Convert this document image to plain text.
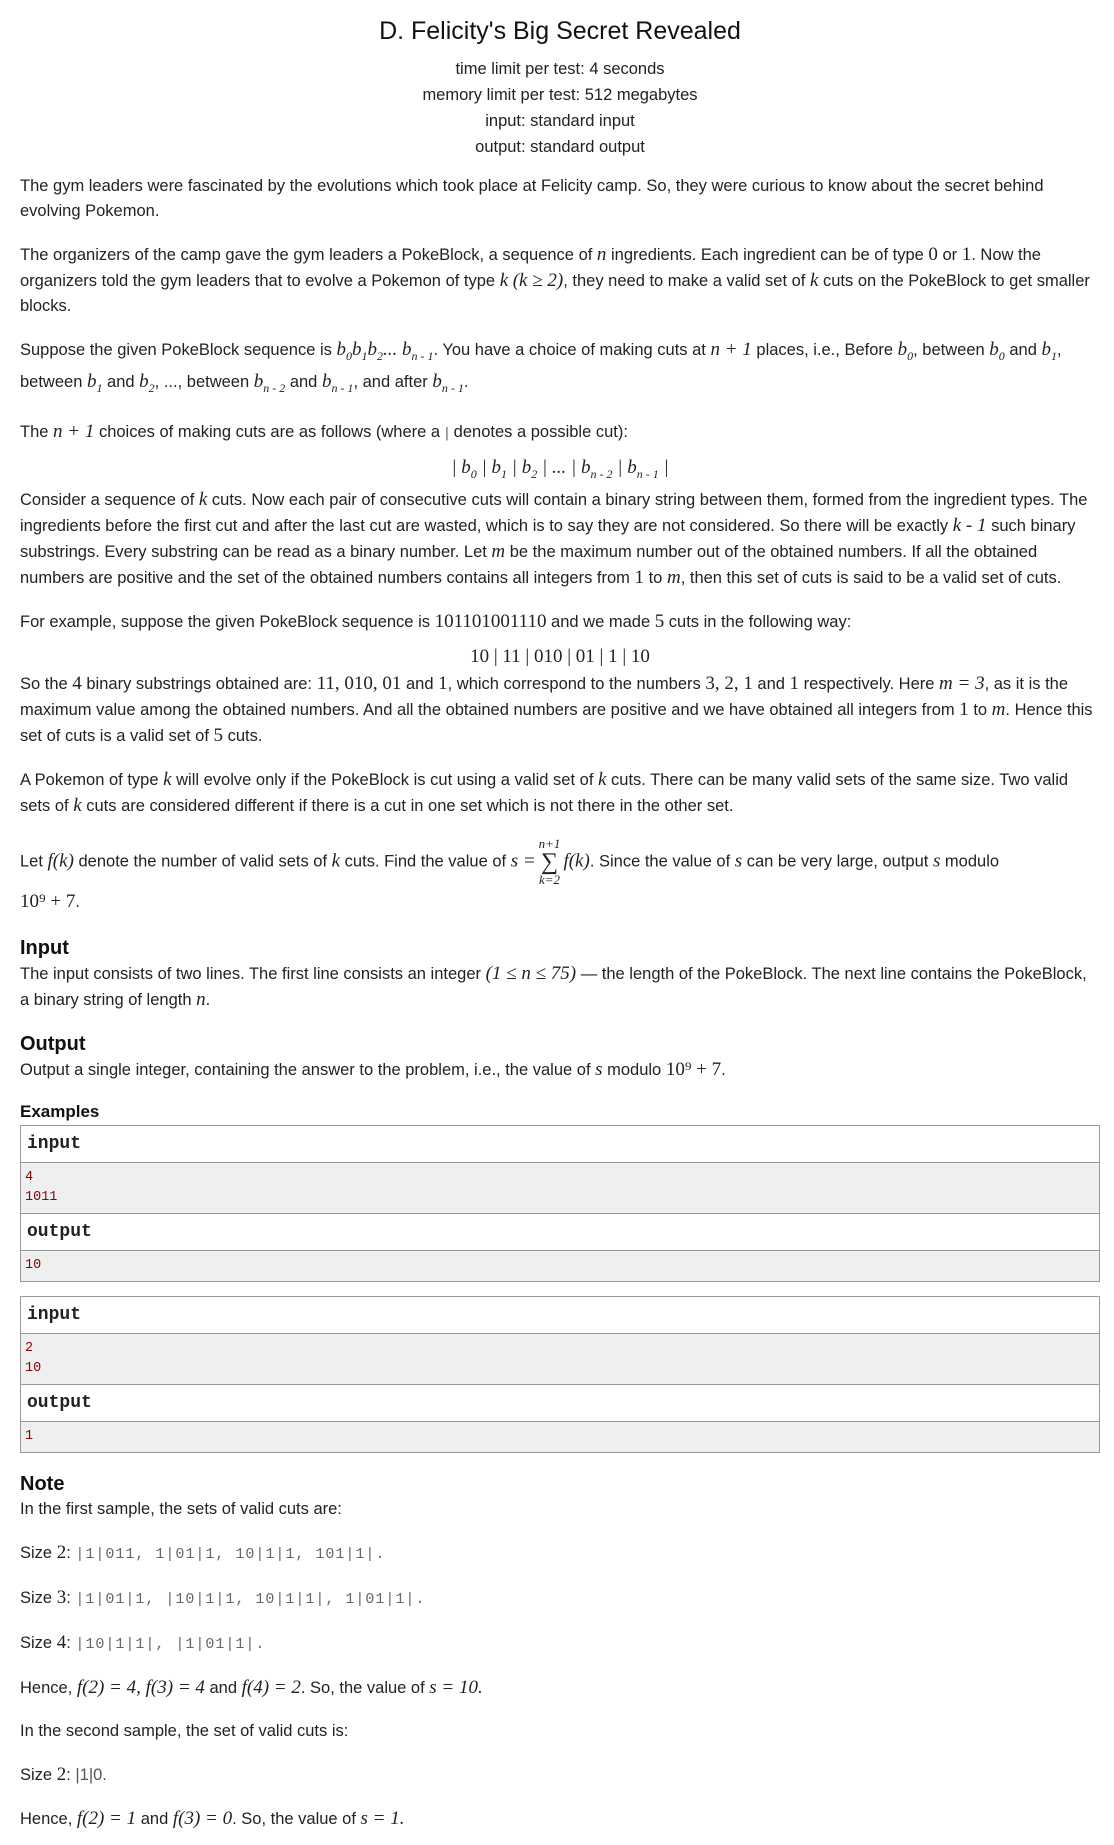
D. Felicity's Big Secret Revealed
time limit per test: 4 seconds
memory limit per test: 512 megabytes
input: standard input
output: standard output

The gym leaders were fascinated by the evolutions which took place at Felicity camp. So, they were curious to know about the secret behind evolving Pokemon.

The organizers of the camp gave the gym leaders a PokeBlock, a sequence of n ingredients. Each ingredient can be of type 0 or 1. Now the organizers told the gym leaders that to evolve a Pokemon of type k (k ≥ 2), they need to make a valid set of k cuts on the PokeBlock to get smaller blocks.

Suppose the given PokeBlock sequence is $b_0b_1b_2$... $b_{n - 1}$. You have a choice of making cuts at n + 1 places, i.e., Before $b_0$, between $b_0$ and $b_1$, between $b_1$ and $b_2$, ..., between $b_{n - 2}$ and $b_{n - 1}$, and after $b_{n - 1}$.

The n + 1 choices of making cuts are as follows (where a | denotes a possible cut):

| $b_0$ | $b_1$ | $b_2$ | ... | $b_{n - 2}$ | $b_{n - 1}$ |

Consider a sequence of k cuts. Now each pair of consecutive cuts will contain a binary string between them, formed from the ingredient types. The ingredients before the first cut and after the last cut are wasted, which is to say they are not considered. So there will be exactly k - 1 such binary substrings. Every substring can be read as a binary number. Let m be the maximum number out of the obtained numbers. If all the obtained numbers are positive and the set of the obtained numbers contains all integers from 1 to m, then this set of cuts is said to be a valid set of cuts.

For example, suppose the given PokeBlock sequence is 101101001110 and we made 5 cuts in the following way:

10 | 11 | 010 | 01 | 1 | 10

So the 4 binary substrings obtained are: 11, 010, 01 and 1, which correspond to the numbers 3, 2, 1 and 1 respectively. Here m = 3, as it is the maximum value among the obtained numbers. And all the obtained numbers are positive and we have obtained all integers from 1 to m. Hence this set of cuts is a valid set of 5 cuts.

A Pokemon of type k will evolve only if the PokeBlock is cut using a valid set of k cuts. There can be many valid sets of the same size. Two valid sets of k cuts are considered different if there is a cut in one set which is not there in the other set.

Let f(k) denote the number of valid sets of k cuts. Find the value of s =
n+1
∑
k=2
f(k). Since the value of s can be very large, output s modulo
10⁹ + 7.

Input

The input consists of two lines. The first line consists an integer (1 ≤ n ≤ 75) — the length of the PokeBlock. The next line contains the PokeBlock, a binary string of length n.

Output

Output a single integer, containing the answer to the problem, i.e., the value of s modulo 10⁹ + 7.

Examples
input
4
1011
output
10
input
2
10
output
1
Note

In the first sample, the sets of valid cuts are:

Size 2: |1|011, 1|01|1, 10|1|1, 101|1|.

Size 3: |1|01|1, |10|1|1, 10|1|1|, 1|01|1|.

Size 4: |10|1|1|, |1|01|1|.

Hence, f(2) = 4, f(3) = 4 and f(4) = 2. So, the value of s = 10.

In the second sample, the set of valid cuts is:

Size 2: |1|0.

Hence, f(2) = 1 and f(3) = 0. So, the value of s = 1.
